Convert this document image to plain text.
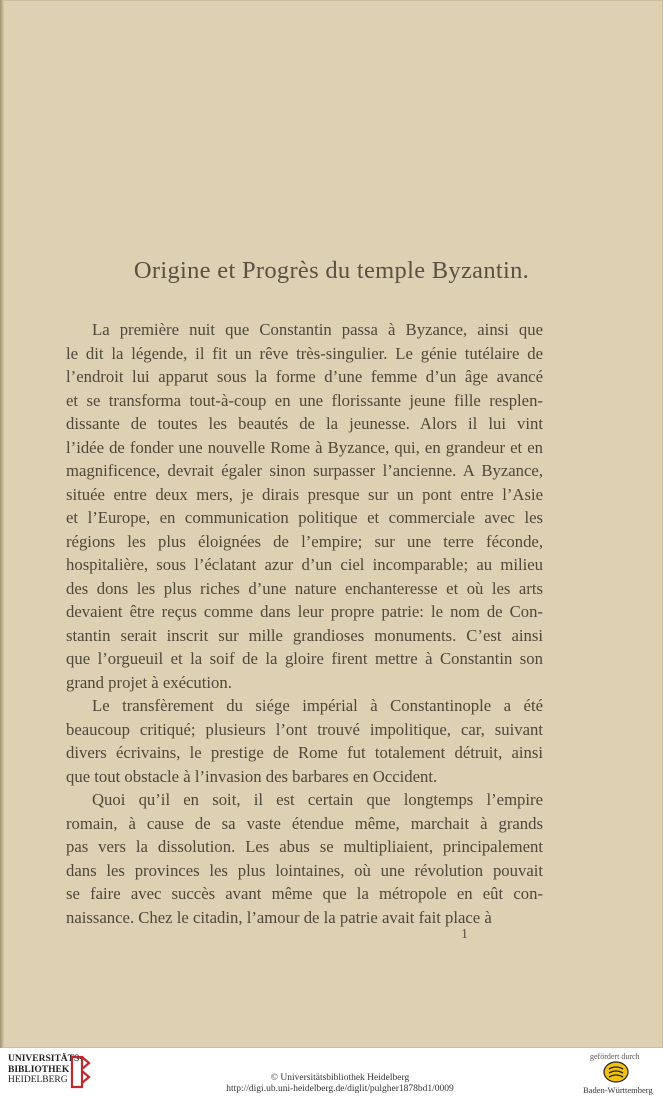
Origine et Progrès du temple Byzantin.
La première nuit que Constantin passa à Byzance, ainsi que
le dit la légende, il fit un rêve très-singulier. Le génie tutélaire de
l’endroit lui apparut sous la forme d’une femme d’un âge avancé
et se transforma tout-à-coup en une florissante jeune fille resplen-
dissante de toutes les beautés de la jeunesse. Alors il lui vint
l’idée de fonder une nouvelle Rome à Byzance, qui, en grandeur et en
magnificence, devrait égaler sinon surpasser l’ancienne. A Byzance,
située entre deux mers, je dirais presque sur un pont entre l’Asie
et l’Europe, en communication politique et commerciale avec les
régions les plus éloignées de l’empire; sur une terre féconde,
hospitalière, sous l’éclatant azur d’un ciel incomparable; au milieu
des dons les plus riches d’une nature enchanteresse et où les arts
devaient être reçus comme dans leur propre patrie: le nom de Con-
stantin serait inscrit sur mille grandioses monuments. C’est ainsi
que l’orgueuil et la soif de la gloire firent mettre à Constantin son
grand projet à exécution.
Le transfèrement du siége impérial à Constantinople a été
beaucoup critiqué; plusieurs l’ont trouvé impolitique, car, suivant
divers écrivains, le prestige de Rome fut totalement détruit, ainsi
que tout obstacle à l’invasion des barbares en Occident.
Quoi qu’il en soit, il est certain que longtemps l’empire
romain, à cause de sa vaste étendue même, marchait à grands
pas vers la dissolution. Les abus se multipliaient, principalement
dans les provinces les plus lointaines, où une révolution pouvait
se faire avec succès avant même que la métropole en eût con-
naissance. Chez le citadin, l’amour de la patrie avait fait place à
1
UNIVERSITÄTS-
BIBLIOTHEK
HEIDELBERG	© Universitätsbibliothek Heidelberg
http://digi.ub.uni-heidelberg.de/diglit/pulgher1878bd1/0009
gefördert durch
Baden-Württemberg
